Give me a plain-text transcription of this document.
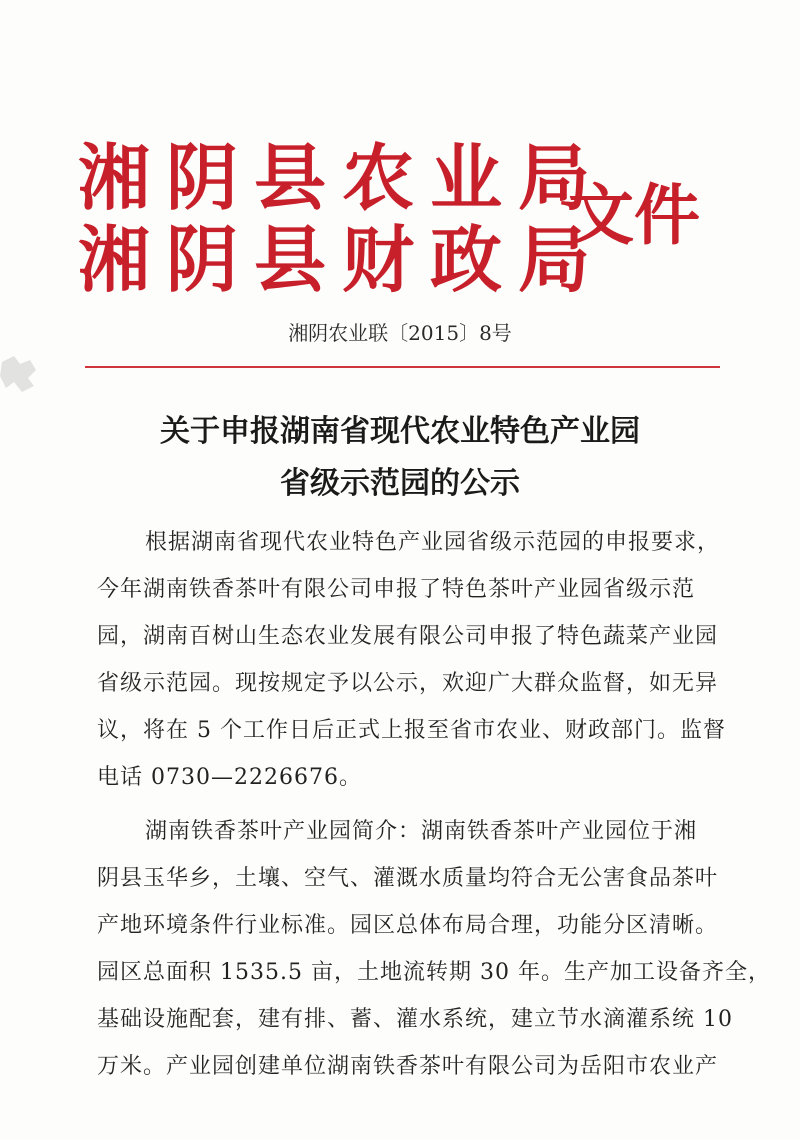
湘阴县农业局
湘阴县财政局
文件
湘阴农业联〔2015〕8号
关于申报湖南省现代农业特色产业园
省级示范园的公示
根据湖南省现代农业特色产业园省级示范园的申报要求，
今年湖南铁香茶叶有限公司申报了特色茶叶产业园省级示范
园，湖南百树山生态农业发展有限公司申报了特色蔬菜产业园
省级示范园。现按规定予以公示，欢迎广大群众监督，如无异
议，将在 5 个工作日后正式上报至省市农业、财政部门。监督
电话 0730—2226676。
湖南铁香茶叶产业园简介：湖南铁香茶叶产业园位于湘
阴县玉华乡，土壤、空气、灌溉水质量均符合无公害食品茶叶
产地环境条件行业标准。园区总体布局合理，功能分区清晰。
园区总面积 1535.5 亩，土地流转期 30 年。生产加工设备齐全，
基础设施配套，建有排、蓄、灌水系统，建立节水滴灌系统 10
万米。产业园创建单位湖南铁香茶叶有限公司为岳阳市农业产
